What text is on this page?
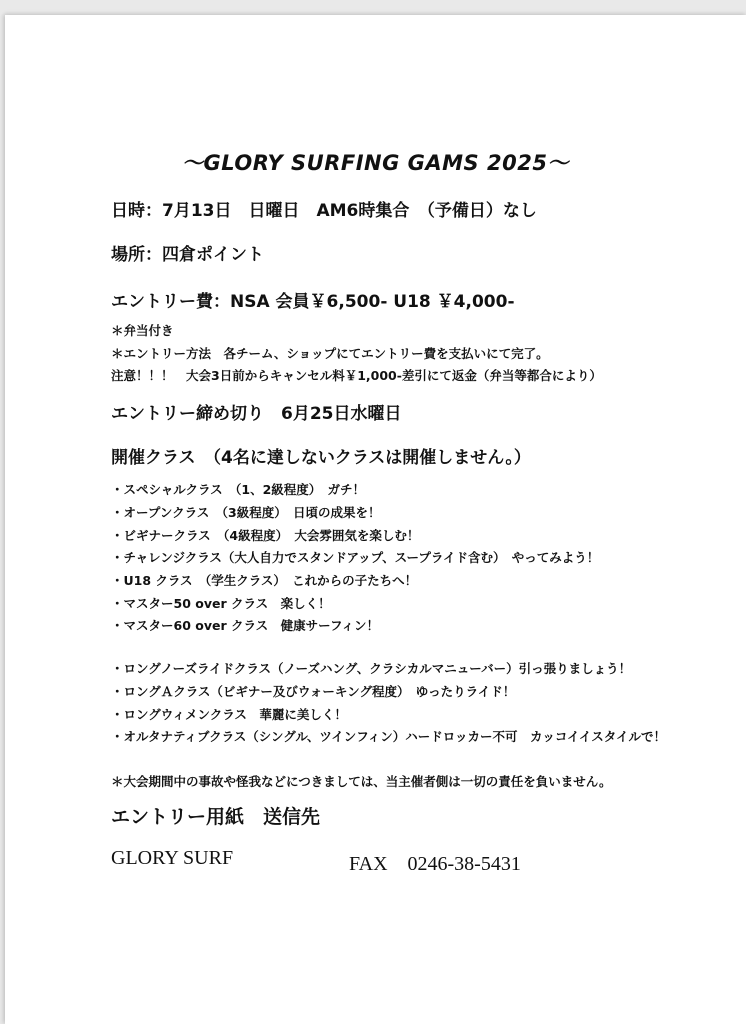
～GLORY SURFING GAMS 2025～
日時：7月13日　日曜日　AM6時集合　（予備日）なし
場所：四倉ポイント
エントリー費：NSA 会員￥6,500- U18 ￥4,000-
＊弁当付き
＊エントリー方法　各チーム、ショップにてエントリー費を支払いにて完了。
注意！！！　大会3日前からキャンセル料￥1,000-差引にて返金（弁当等都合により）
エントリー締め切り　6月25日水曜日
開催クラス　（4名に達しないクラスは開催しません。）
・スペシャルクラス　（1、2級程度）　ガチ！
・オープンクラス　（3級程度）　日頃の成果を！
・ビギナークラス　（4級程度）　大会雰囲気を楽しむ！
・チャレンジクラス（大人自力でスタンドアップ、スープライド含む）　やってみよう！
・U18 クラス　（学生クラス）　これからの子たちへ！
・マスター50 over クラス　楽しく！
・マスター60 over クラス　健康サーフィン！
・ロングノーズライドクラス（ノーズハング、クラシカルマニューバー）引っ張りましょう！
・ロングＡクラス（ビギナー及びウォーキング程度）　ゆったりライド！
・ロングウィメンクラス　華麗に美しく！
・オルタナティブクラス（シングル、ツインフィン）ハードロッカー不可　カッコイイスタイルで！
＊大会期間中の事故や怪我などにつきましては、当主催者側は一切の責任を負いません。
エントリー用紙　送信先
GLORY SURF	FAX　0246-38-5431
